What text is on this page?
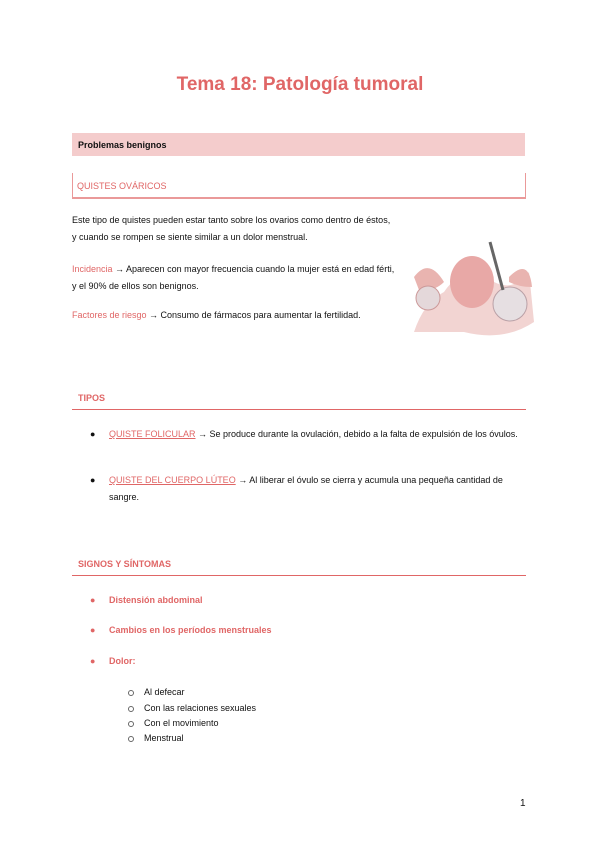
Tema 18: Patología tumoral
Problemas benignos
QUISTES OVÁRICOS
Este tipo de quistes pueden estar tanto sobre los ovarios como dentro de éstos, y cuando se rompen se siente similar a un dolor menstrual.
Incidencia → Aparecen con mayor frecuencia cuando la mujer está en edad férti, y el 90% de ellos son benignos.
Factores de riesgo → Consumo de fármacos para aumentar la fertilidad.
TIPOS
● QUISTE FOLICULAR → Se produce durante la ovulación, debido a la falta de expulsión de los óvulos.
● QUISTE DEL CUERPO LÚTEO → Al liberar el óvulo se cierra y acumula una pequeña cantidad de sangre.
SIGNOS Y SÍNTOMAS
● Distensión abdominal
● Cambios en los períodos menstruales
● Dolor:
Al defecar
Con las relaciones sexuales
Con el movimiento
Menstrual
1
